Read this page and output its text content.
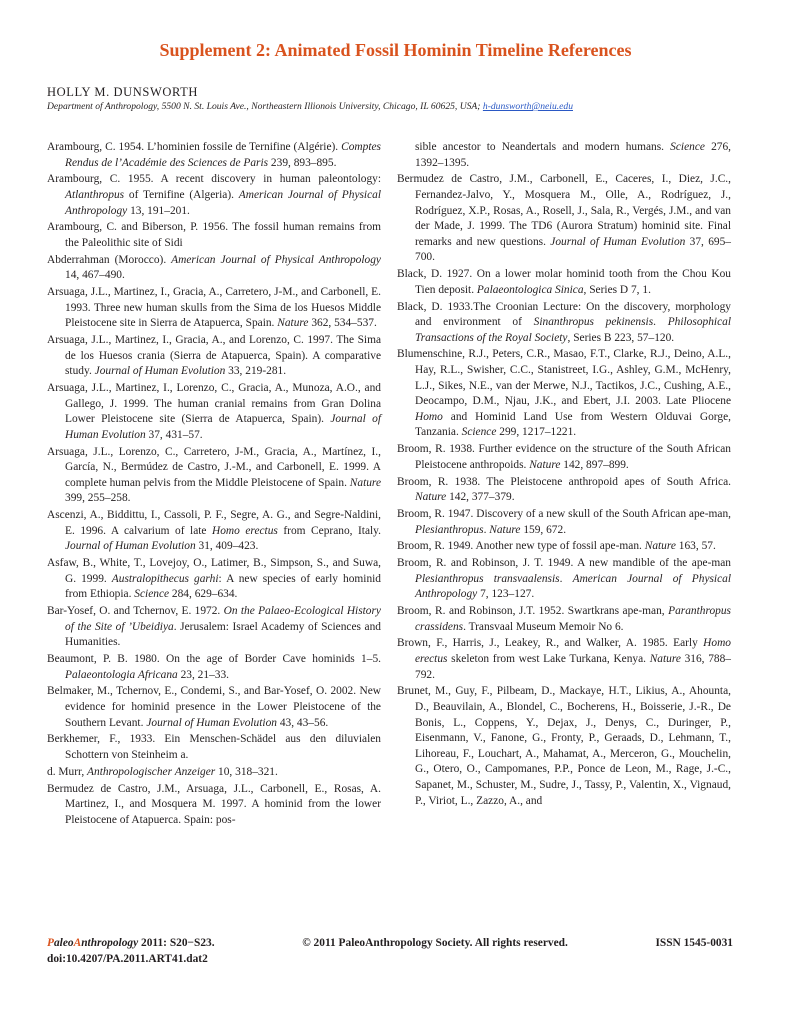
Supplement 2: Animated Fossil Hominin Timeline References
HOLLY M. DUNSWORTH
Department of Anthropology, 5500 N. St. Louis Ave., Northeastern Illionois University, Chicago, IL 60625, USA; h-dunsworth@neiu.edu

Arambourg, C. 1954. L’hominien fossile de Ternifine (Algérie). Comptes Rendus de l’Académie des Sciences de Paris 239, 893–895.

Arambourg, C. 1955. A recent discovery in human paleontology: Atlanthropus of Ternifine (Algeria). American Journal of Physical Anthropology 13, 191–201.

Arambourg, C. and Biberson, P. 1956. The fossil human remains from the Paleolithic site of Sidi

Abderrahman (Morocco). American Journal of Physical Anthropology 14, 467–490.

Arsuaga, J.L., Martinez, I., Gracia, A., Carretero, J-M., and Carbonell, E. 1993. Three new human skulls from the Sima de los Huesos Middle Pleistocene site in Sierra de Atapuerca, Spain. Nature 362, 534–537.

Arsuaga, J.L., Martinez, I., Gracia, A., and Lorenzo, C. 1997. The Sima de los Huesos crania (Sierra de Atapuerca, Spain). A comparative study. Journal of Human Evolution 33, 219-281.

Arsuaga, J.L., Martinez, I., Lorenzo, C., Gracia, A., Munoza, A.O., and Gallego, J. 1999. The human cranial remains from Gran Dolina Lower Pleistocene site (Sierra de Atapuerca, Spain). Journal of Human Evolution 37, 431–57.

Arsuaga, J.L., Lorenzo, C., Carretero, J-M., Gracia, A., Martínez, I., García, N., Bermúdez de Castro, J.-M., and Carbonell, E. 1999. A complete human pelvis from the Middle Pleistocene of Spain. Nature 399, 255–258.

Ascenzi, A., Biddittu, I., Cassoli, P. F., Segre, A. G., and Segre-Naldini, E. 1996. A calvarium of late Homo erectus from Ceprano, Italy. Journal of Human Evolution 31, 409–423.

Asfaw, B., White, T., Lovejoy, O., Latimer, B., Simpson, S., and Suwa, G. 1999. Australopithecus garhi: A new species of early hominid from Ethiopia. Science 284, 629–634.

Bar-Yosef, O. and Tchernov, E. 1972. On the Palaeo-Ecological History of the Site of ’Ubeidiya. Jerusalem: Israel Academy of Sciences and Humanities.

Beaumont, P. B. 1980. On the age of Border Cave hominids 1–5. Palaeontologia Africana 23, 21–33.

Belmaker, M., Tchernov, E., Condemi, S., and Bar-Yosef, O. 2002. New evidence for hominid presence in the Lower Pleistocene of the Southern Levant. Journal of Human Evolution 43, 43–56.

Berkhemer, F., 1933. Ein Menschen-Schädel aus den diluvialen Schottern von Steinheim a.

d. Murr, Anthropologischer Anzeiger 10, 318–321.

Bermudez de Castro, J.M., Arsuaga, J.L., Carbonell, E., Rosas, A. Martinez, I., and Mosquera M. 1997. A hominid from the lower Pleistocene of Atapuerca. Spain: pos-

sible ancestor to Neandertals and modern humans. Science 276, 1392–1395.

Bermudez de Castro, J.M., Carbonell, E., Caceres, I., Diez, J.C., Fernandez-Jalvo, Y., Mosquera M., Olle, A., Rodríguez, J., Rodríguez, X.P., Rosas, A., Rosell, J., Sala, R., Vergés, J.M., and van der Made, J. 1999. The TD6 (Aurora Stratum) hominid site. Final remarks and new questions. Journal of Human Evolution 37, 695–700.

Black, D. 1927. On a lower molar hominid tooth from the Chou Kou Tien deposit. Palaeontologica Sinica, Series D 7, 1.

Black, D. 1933.The Croonian Lecture: On the discovery, morphology and environment of Sinanthropus pekinensis. Philosophical Transactions of the Royal Society, Series B 223, 57–120.

Blumenschine, R.J., Peters, C.R., Masao, F.T., Clarke, R.J., Deino, A.L., Hay, R.L., Swisher, C.C., Stanistreet, I.G., Ashley, G.M., McHenry, L.J., Sikes, N.E., van der Merwe, N.J., Tactikos, J.C., Cushing, A.E., Deocampo, D.M., Njau, J.K., and Ebert, J.I. 2003. Late Pliocene Homo and Hominid Land Use from Western Olduvai Gorge, Tanzania. Science 299, 1217–1221.

Broom, R. 1938. Further evidence on the structure of the South African Pleistocene anthropoids. Nature 142, 897–899.

Broom, R. 1938. The Pleistocene anthropoid apes of South Africa. Nature 142, 377–379.

Broom, R. 1947. Discovery of a new skull of the South African ape-man, Plesianthropus. Nature 159, 672.

Broom, R. 1949. Another new type of fossil ape-man. Nature 163, 57.

Broom, R. and Robinson, J. T. 1949. A new mandible of the ape-man Plesianthropus transvaalensis. American Journal of Physical Anthropology 7, 123–127.

Broom, R. and Robinson, J.T. 1952. Swartkrans ape-man, Paranthropus crassidens. Transvaal Museum Memoir No 6.

Brown, F., Harris, J., Leakey, R., and Walker, A. 1985. Early Homo erectus skeleton from west Lake Turkana, Kenya. Nature 316, 788–792.

Brunet, M., Guy, F., Pilbeam, D., Mackaye, H.T., Likius, A., Ahounta, D., Beauvilain, A., Blondel, C., Bocherens, H., Boisserie, J.-R., De Bonis, L., Coppens, Y., Dejax, J., Denys, C., Duringer, P., Eisenmann, V., Fanone, G., Fronty, P., Geraads, D., Lehmann, T., Lihoreau, F., Louchart, A., Mahamat, A., Merceron, G., Mouchelin, G., Otero, O., Campomanes, P.P., Ponce de Leon, M., Rage, J.-C., Sapanet, M., Schuster, M., Sudre, J., Tassy, P., Valentin, X., Vignaud, P., Viriot, L., Zazzo, A., and

PaleoAnthropology 2011: S20−S23.	© 2011 PaleoAnthropology Society. All rights reserved.	ISSN 1545-0031
doi:10.4207/PA.2011.ART41.dat2
